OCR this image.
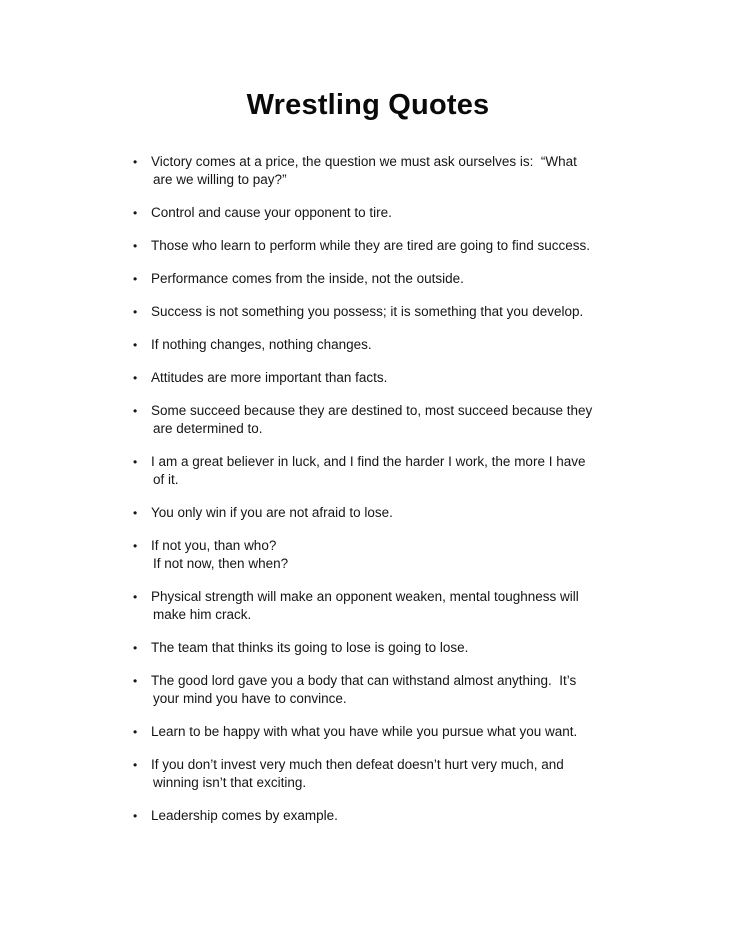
Wrestling Quotes
• Victory comes at a price, the question we must ask ourselves is:  “What
are we willing to pay?”
• Control and cause your opponent to tire.
• Those who learn to perform while they are tired are going to find success.
• Performance comes from the inside, not the outside.
• Success is not something you possess; it is something that you develop.
• If nothing changes, nothing changes.
• Attitudes are more important than facts.
• Some succeed because they are destined to, most succeed because they
are determined to.
• I am a great believer in luck, and I find the harder I work, the more I have
of it.
• You only win if you are not afraid to lose.
• If not you, than who?
If not now, then when?
• Physical strength will make an opponent weaken, mental toughness will
make him crack.
• The team that thinks its going to lose is going to lose.
• The good lord gave you a body that can withstand almost anything.  It’s
your mind you have to convince.
• Learn to be happy with what you have while you pursue what you want.
• If you don’t invest very much then defeat doesn’t hurt very much, and
winning isn’t that exciting.
• Leadership comes by example.
